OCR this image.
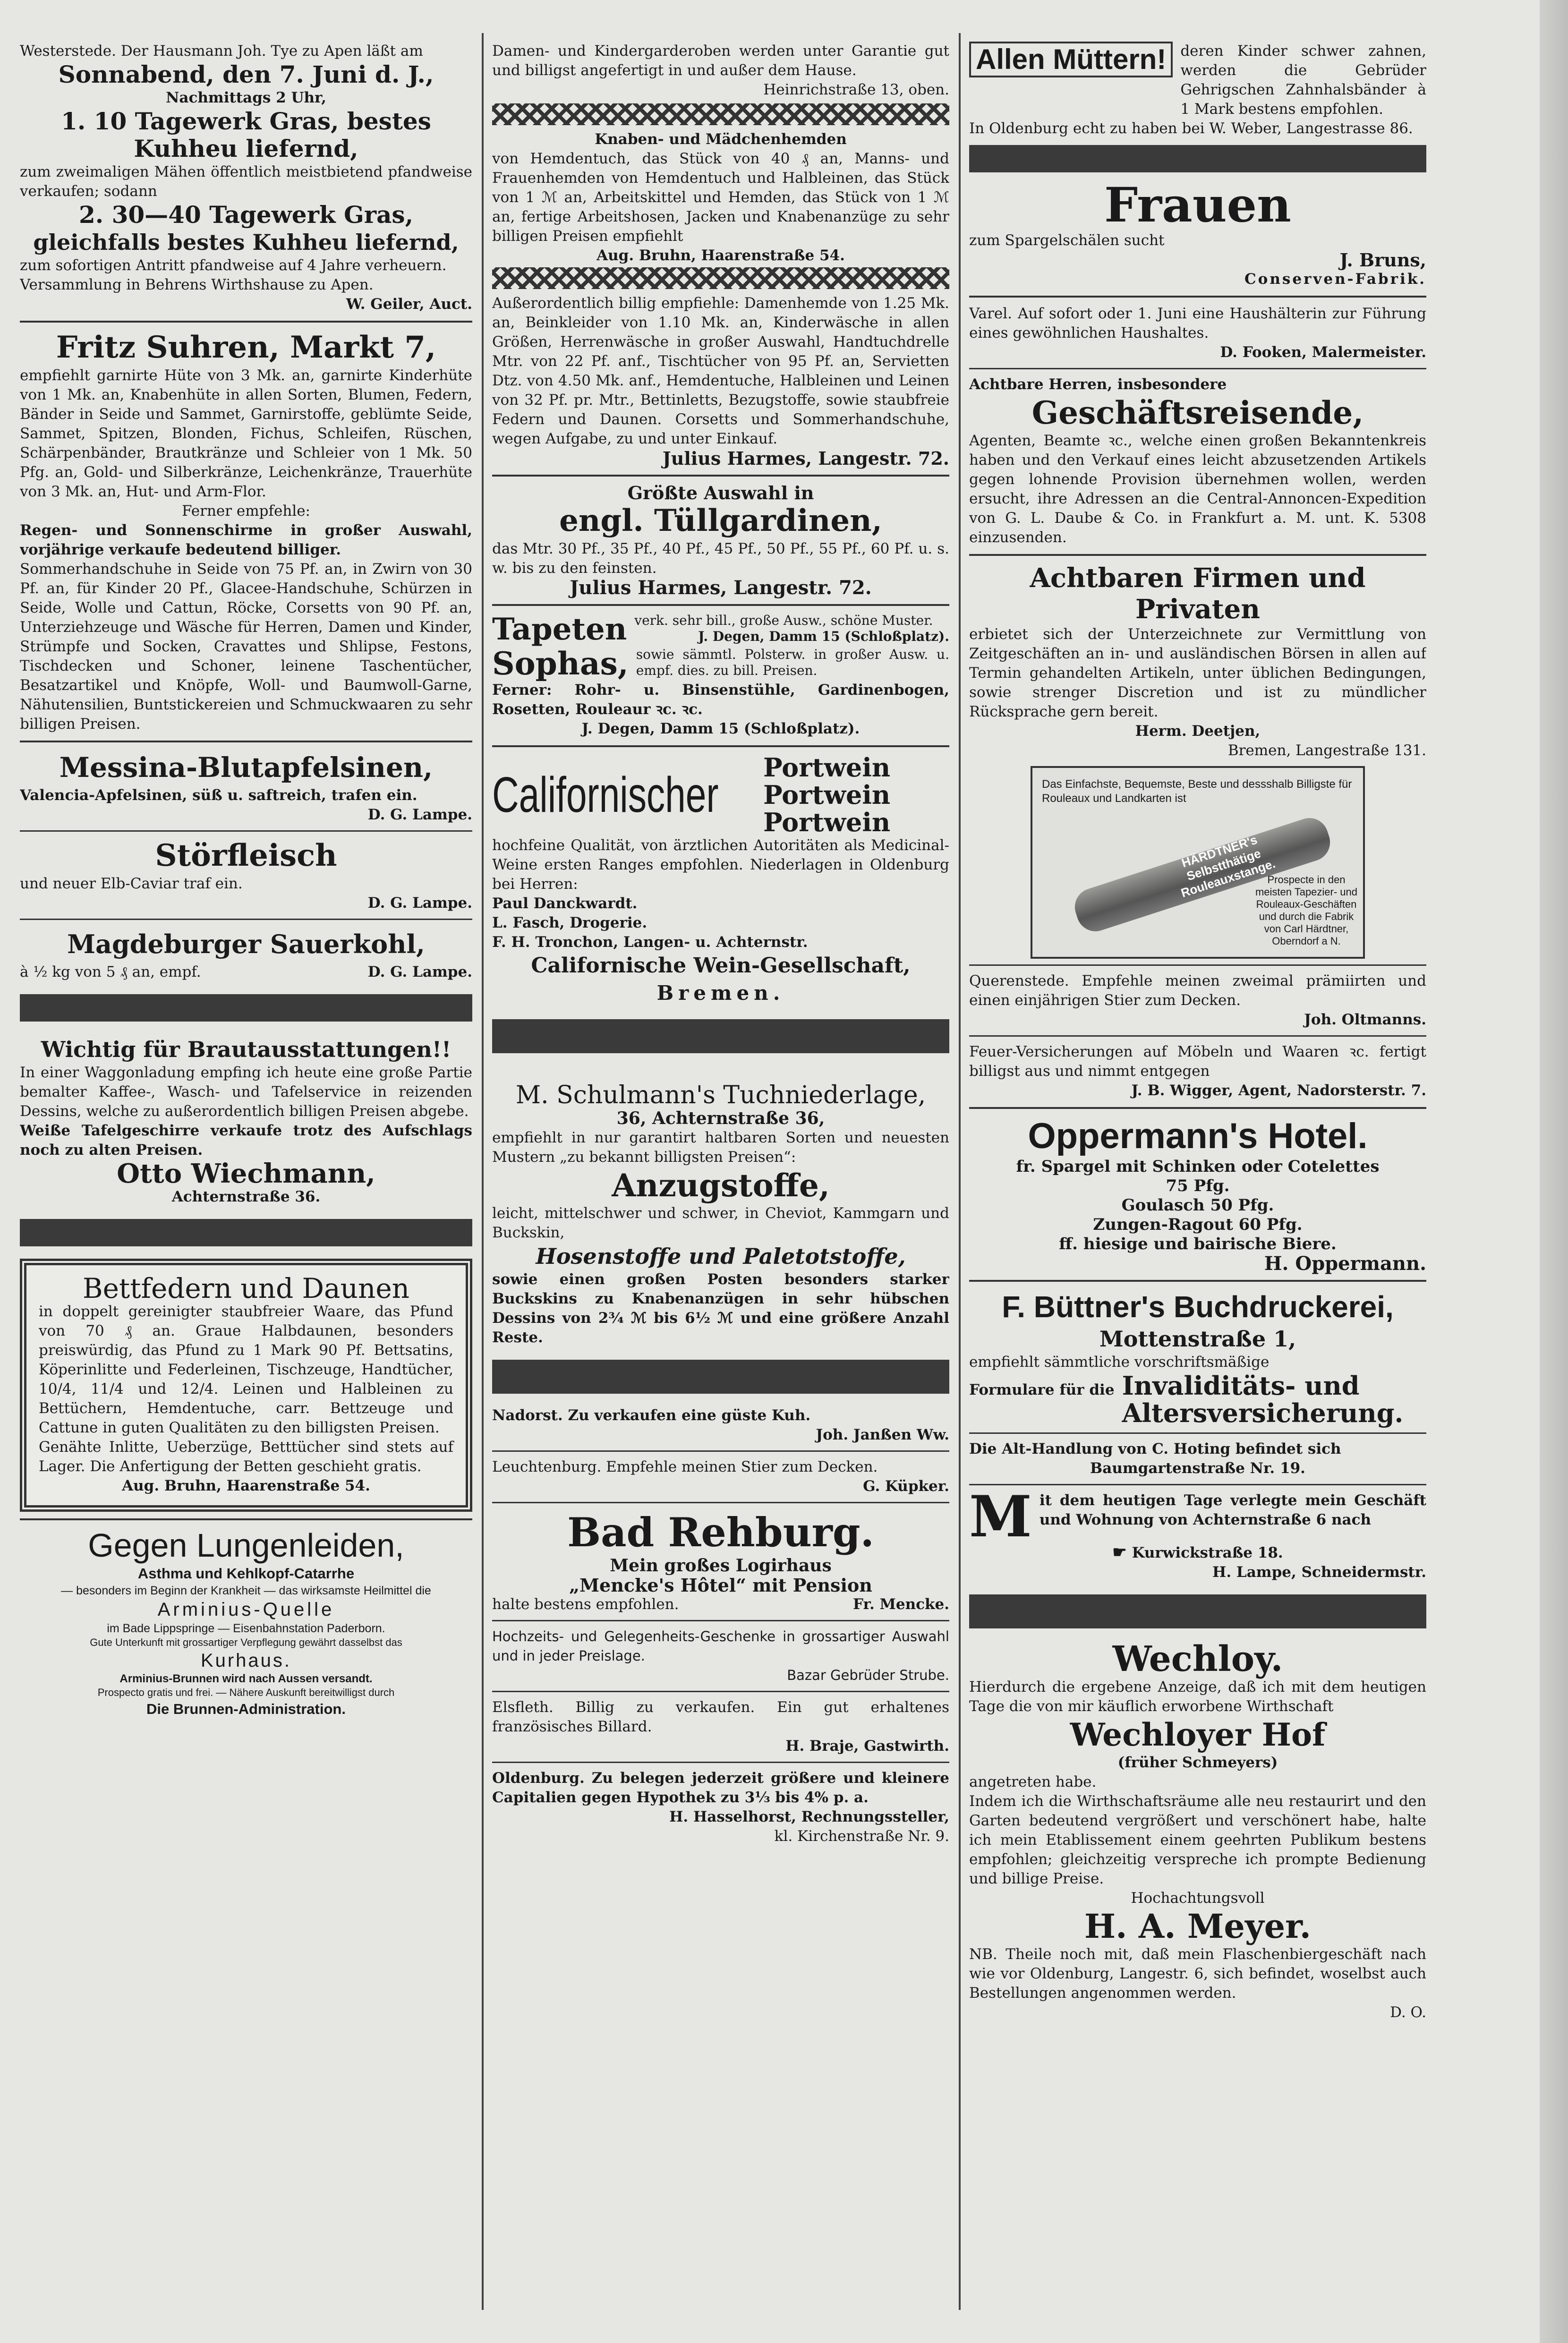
Westerstede. Der Hausmann Joh. Tye zu Apen läßt am
Sonnabend, den 7. Juni d. J.,
Nachmittags 2 Uhr,
1. 10 Tagewerk Gras, bestes
Kuhheu liefernd,
zum zweimaligen Mähen öffentlich meistbietend pfandweise verkaufen; sodann
2. 30—40 Tagewerk Gras,
gleichfalls bestes Kuhheu liefernd,
zum sofortigen Antritt pfandweise auf 4 Jahre verheuern.
Versammlung in Behrens Wirthshause zu Apen.
W. Geiler, Auct.
Fritz Suhren, Markt 7,
empfiehlt garnirte Hüte von 3 Mk. an, garnirte Kinderhüte von 1 Mk. an, Knabenhüte in allen Sorten, Blumen, Federn, Bänder in Seide und Sammet, Garnirstoffe, geblümte Seide, Sammet, Spitzen, Blonden, Fichus, Schleifen, Rüschen, Schärpenbänder, Brautkränze und Schleier von 1 Mk. 50 Pfg. an, Gold- und Silberkränze, Leichenkränze, Trauerhüte von 3 Mk. an, Hut- und Arm-Flor.
Ferner empfehle:
Regen- und Sonnenschirme in großer Auswahl, vorjährige verkaufe bedeutend billiger.
Sommerhandschuhe in Seide von 75 Pf. an, in Zwirn von 30 Pf. an, für Kinder 20 Pf., Glacee-Handschuhe, Schürzen in Seide, Wolle und Cattun, Röcke, Corsetts von 90 Pf. an, Unterziehzeuge und Wäsche für Herren, Damen und Kinder, Strümpfe und Socken, Cravattes und Shlipse, Festons, Tischdecken und Schoner, leinene Taschentücher, Besatzartikel und Knöpfe, Woll- und Baumwoll-Garne, Nähutensilien, Buntstickereien und Schmuckwaaren zu sehr billigen Preisen.
Messina-Blutapfelsinen,
Valencia-Apfelsinen, süß u. saftreich, trafen ein.
D. G. Lampe.
Störfleisch
und neuer Elb-Caviar traf ein.
D. G. Lampe.
Magdeburger Sauerkohl,
à ½ kg von 5 ₰ an, empf.	D. G. Lampe.
Wichtig für Brautausstattungen!!
In einer Waggonladung empfing ich heute eine große Partie bemalter Kaffee-, Wasch- und Tafelservice in reizenden Dessins, welche zu außerordentlich billigen Preisen abgebe.
Weiße Tafelgeschirre verkaufe trotz des Aufschlags noch zu alten Preisen.
Otto Wiechmann,
Achternstraße 36.
Bettfedern und Daunen
in doppelt gereinigter staubfreier Waare, das Pfund von 70 ₰ an. Graue Halbdaunen, besonders preiswürdig, das Pfund zu 1 Mark 90 Pf. Bettsatins, Köperinlitte und Federleinen, Tischzeuge, Handtücher, 10/4, 11/4 und 12/4. Leinen und Halbleinen zu Bettüchern, Hemdentuche, carr. Bettzeuge und Cattune in guten Qualitäten zu den billigsten Preisen.
Genähte Inlitte, Ueberzüge, Betttücher sind stets auf Lager. Die Anfertigung der Betten geschieht gratis.
Aug. Bruhn, Haarenstraße 54.
Gegen Lungenleiden,
Asthma und Kehlkopf-Catarrhe
— besonders im Beginn der Krankheit — das wirksamste Heilmittel die
Arminius-Quelle
im Bade Lippspringe — Eisenbahnstation Paderborn.
Gute Unterkunft mit grossartiger Verpflegung gewährt dasselbst das
Kurhaus.
Arminius-Brunnen wird nach Aussen versandt.
Prospecto gratis und frei. — Nähere Auskunft bereitwilligst durch
Die Brunnen-Administration.
Damen- und Kindergarderoben werden unter Garantie gut und billigst angefertigt in und außer dem Hause.
Heinrichstraße 13, oben.
Knaben- und Mädchenhemden
von Hemdentuch, das Stück von 40 ₰ an, Manns- und Frauenhemden von Hemdentuch und Halbleinen, das Stück von 1 ℳ an, Arbeitskittel und Hemden, das Stück von 1 ℳ an, fertige Arbeitshosen, Jacken und Knabenanzüge zu sehr billigen Preisen empfiehlt
Aug. Bruhn, Haarenstraße 54.
Außerordentlich billig empfiehle: Damenhemde von 1.25 Mk. an, Beinkleider von 1.10 Mk. an, Kinderwäsche in allen Größen, Herrenwäsche in großer Auswahl, Handtuchdrelle Mtr. von 22 Pf. anf., Tischtücher von 95 Pf. an, Servietten Dtz. von 4.50 Mk. anf., Hemdentuche, Halbleinen und Leinen von 32 Pf. pr. Mtr., Bettinletts, Bezugstoffe, sowie staubfreie Federn und Daunen. Corsetts und Sommerhandschuhe, wegen Aufgabe, zu und unter Einkauf.
Julius Harmes, Langestr. 72.
Größte Auswahl in
engl. Tüllgardinen,
das Mtr. 30 Pf., 35 Pf., 40 Pf., 45 Pf., 50 Pf., 55 Pf., 60 Pf. u. s. w. bis zu den feinsten.
Julius Harmes, Langestr. 72.
Tapeten verk. sehr bill., große Ausw., schöne Muster.
J. Degen, Damm 15 (Schloßplatz).
Sophas, sowie sämmtl. Polsterw. in großer Ausw. u. empf. dies. zu bill. Preisen.
Ferner: Rohr- u. Binsenstühle, Gardinenbogen, Rosetten, Rouleaur ꝛc. ꝛc.
J. Degen, Damm 15 (Schloßplatz).
Californischer Portwein
Portwein
Portwein
hochfeine Qualität, von ärztlichen Autoritäten als Medicinal-Weine ersten Ranges empfohlen. Niederlagen in Oldenburg bei Herren:
Paul Danckwardt.
L. Fasch, Drogerie.
F. H. Tronchon, Langen- u. Achternstr.
Californische Wein-Gesellschaft,
Bremen.
M. Schulmann's Tuchniederlage,
36, Achternstraße 36,
empfiehlt in nur garantirt haltbaren Sorten und neuesten Mustern „zu bekannt billigsten Preisen“:
Anzugstoffe,
leicht, mittelschwer und schwer, in Cheviot, Kammgarn und Buckskin,
Hosenstoffe und Paletotstoffe,
sowie einen großen Posten besonders starker Buckskins zu Knabenanzügen in sehr hübschen Dessins von 2¾ ℳ bis 6½ ℳ und eine größere Anzahl Reste.
Nadorst. Zu verkaufen eine güste Kuh.
Joh. Janßen Ww.
Leuchtenburg. Empfehle meinen Stier zum Decken.
G. Küpker.
Bad Rehburg.
Mein großes Logirhaus
„Mencke's Hôtel“ mit Pension
halte bestens empfohlen.	Fr. Mencke.
Hochzeits- und Gelegenheits-Geschenke in grossartiger Auswahl und in jeder Preislage.
Bazar Gebrüder Strube.
Elsfleth. Billig zu verkaufen. Ein gut erhaltenes französisches Billard.
H. Braje, Gastwirth.
Oldenburg. Zu belegen jederzeit größere und kleinere Capitalien gegen Hypothek zu 3⅓ bis 4% p. a.
H. Hasselhorst, Rechnungssteller,
kl. Kirchenstraße Nr. 9.
Allen Müttern! deren Kinder schwer zahnen, werden die Gebrüder Gehrigschen Zahnhalsbänder à 1 Mark bestens empfohlen.
In Oldenburg echt zu haben bei W. Weber, Langestrasse 86.
Frauen
zum Spargelschälen sucht
J. Bruns,
Conserven-Fabrik.
Varel. Auf sofort oder 1. Juni eine Haushälterin zur Führung eines gewöhnlichen Haushaltes.
D. Fooken, Malermeister.
Achtbare Herren, insbesondere
Geschäftsreisende,
Agenten, Beamte ꝛc., welche einen großen Bekanntenkreis haben und den Verkauf eines leicht abzusetzenden Artikels gegen lohnende Provision übernehmen wollen, werden ersucht, ihre Adressen an die Central-Annoncen-Expedition von G. L. Daube & Co. in Frankfurt a. M. unt. K. 5308 einzusenden.
Achtbaren Firmen und Privaten
erbietet sich der Unterzeichnete zur Vermittlung von Zeitgeschäften an in- und ausländischen Börsen in allen auf Termin gehandelten Artikeln, unter üblichen Bedingungen, sowie strenger Discretion und ist zu mündlicher Rücksprache gern bereit.
Herm. Deetjen,
Bremen, Langestraße 131.
Das Einfachste, Bequemste, Beste und dessshalb Billigste für Rouleaux und Landkarten ist
HÄRDTNER's Selbstthätige Rouleauxstange.
Prospecte in den meisten Tapezier- und Rouleaux-Geschäften und durch die Fabrik von Carl Härdtner, Oberndorf a N.
Querenstede. Empfehle meinen zweimal prämiirten und einen einjährigen Stier zum Decken.
Joh. Oltmanns.
Feuer-Versicherungen auf Möbeln und Waaren ꝛc. fertigt billigst aus und nimmt entgegen
J. B. Wigger, Agent, Nadorsterstr. 7.
Oppermann's Hotel.
fr. Spargel mit Schinken oder Cotelettes
75 Pfg.
Goulasch 50 Pfg.
Zungen-Ragout 60 Pfg.
ff. hiesige und bairische Biere.
H. Oppermann.
F. Büttner's Buchdruckerei,
Mottenstraße 1,
empfiehlt sämmtliche vorschriftsmäßige
Formulare für die Invaliditäts- und Altersversicherung.
Die Alt-Handlung von C. Hoting befindet sich
Baumgartenstraße Nr. 19.
M it dem heutigen Tage verlegte mein Geschäft und Wohnung von Achternstraße 6 nach
☛ Kurwickstraße 18.
H. Lampe, Schneidermstr.
Wechloy.
Hierdurch die ergebene Anzeige, daß ich mit dem heutigen Tage die von mir käuflich erworbene Wirthschaft
Wechloyer Hof
(früher Schmeyers)
angetreten habe.
Indem ich die Wirthschaftsräume alle neu restaurirt und den Garten bedeutend vergrößert und verschönert habe, halte ich mein Etablissement einem geehrten Publikum bestens empfohlen; gleichzeitig verspreche ich prompte Bedienung und billige Preise.
Hochachtungsvoll
H. A. Meyer.
NB. Theile noch mit, daß mein Flaschenbiergeschäft nach wie vor Oldenburg, Langestr. 6, sich befindet, woselbst auch Bestellungen angenommen werden.
D. O.
